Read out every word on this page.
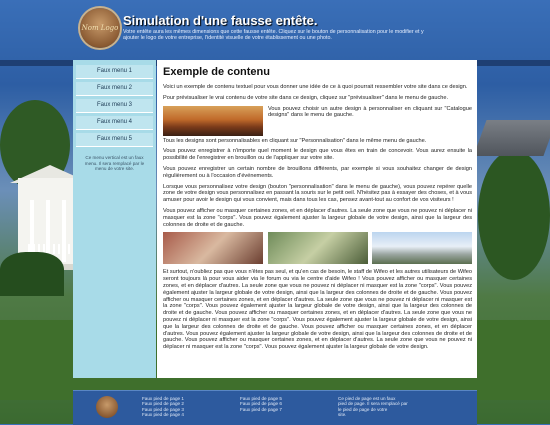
Nom Logo Simulation d'une fausse entête.
Votre entête aura les mêmes dimensions que cette fausse entête. Cliquez sur le bouton de personnalisation pour le modifier et y ajouter le logo de votre entreprise, l'identité visuelle de votre établissement ou une photo.
Faux menu 1
Faux menu 2
Faux menu 3
Faux menu 4
Faux menu 5
Ce menu vertical est un faux menu. Il sera remplacé par le menu de votre site.
Exemple de contenu

Voici un exemple de contenu textuel pour vous donner une idée de ce à quoi pourrait ressembler votre site dans ce design.

Pour prévisualiser le vrai contenu de votre site dans ce design, cliquez sur "prévisualiser" dans le menu de gauche.

Vous pouvez choisir un autre design à personnaliser en cliquant sur "Catalogue designs" dans le menu de gauche.

Tous les designs sont personnalisables en cliquant sur "Personnalisation" dans le même menu de gauche.

Vous pouvez enregistrer à n'importe quel moment le design que vous êtes en train de concevoir. Vous aurez ensuite la possibilité de l'enregistrer en brouillon ou de l'appliquer sur votre site.

Vous pouvez enregistrer un certain nombre de brouillons différents, par exemple si vous souhaitez changer de design régulièrement ou à l'occasion d'événements.

Lorsque vous personnalisez votre design (bouton "personnalisation" dans le menu de gauche), vous pouvez repérer quelle zone de votre design vous personnalisez en passant la souris sur le petit oeil. N'hésitez pas à essayer des choses, et à vous amuser pour avoir le design qui vous convient, mais dans tous les cas, pensez avant-tout au confort de vos visiteurs !

Vous pouvez afficher ou masquer certaines zones, et en déplacer d'autres. La seule zone que vous ne pouvez ni déplacer ni masquer est la zone "corps". Vous pouvez également ajuster la largeur globale de votre design, ainsi que la largeur des colonnes de droite et de gauche.

Et surtout, n'oubliez pas que vous n'êtes pas seul, et qu'en cas de besoin, le staff de Wifeo et les autres utilisateurs de Wifeo seront toujours là pour vous aider via le forum ou via le centre d'aide Wifeo ! Vous pouvez afficher ou masquer certaines zones, et en déplacer d'autres. La seule zone que vous ne pouvez ni déplacer ni masquer est la zone "corps". Vous pouvez également ajuster la largeur globale de votre design, ainsi que la largeur des colonnes de droite et de gauche. Vous pouvez afficher ou masquer certaines zones, et en déplacer d'autres. La seule zone que vous ne pouvez ni déplacer ni masquer est la zone "corps". Vous pouvez également ajuster la largeur globale de votre design, ainsi que la largeur des colonnes de droite et de gauche. Vous pouvez afficher ou masquer certaines zones, et en déplacer d'autres. La seule zone que vous ne pouvez ni déplacer ni masquer est la zone "corps". Vous pouvez également ajuster la largeur globale de votre design, ainsi que la largeur des colonnes de droite et de gauche. Vous pouvez afficher ou masquer certaines zones, et en déplacer d'autres. Vous pouvez également ajuster la largeur globale de votre design, ainsi que la largeur des colonnes de droite et de gauche. Vous pouvez afficher ou masquer certaines zones, et en déplacer d'autres. La seule zone que vous ne pouvez ni déplacer ni masquer est la zone "corps". Vous pouvez également ajuster la largeur globale de votre design.

Faux pied de page 1
Faux pied de page 2
Faux pied de page 3
Faux pied de page 4
Faux pied de page 5
Faux pied de page 6
Faux pied de page 7
Ce pied de page est un faux
pied de page. Il sera remplacé par
le pied de page de votre
site.
